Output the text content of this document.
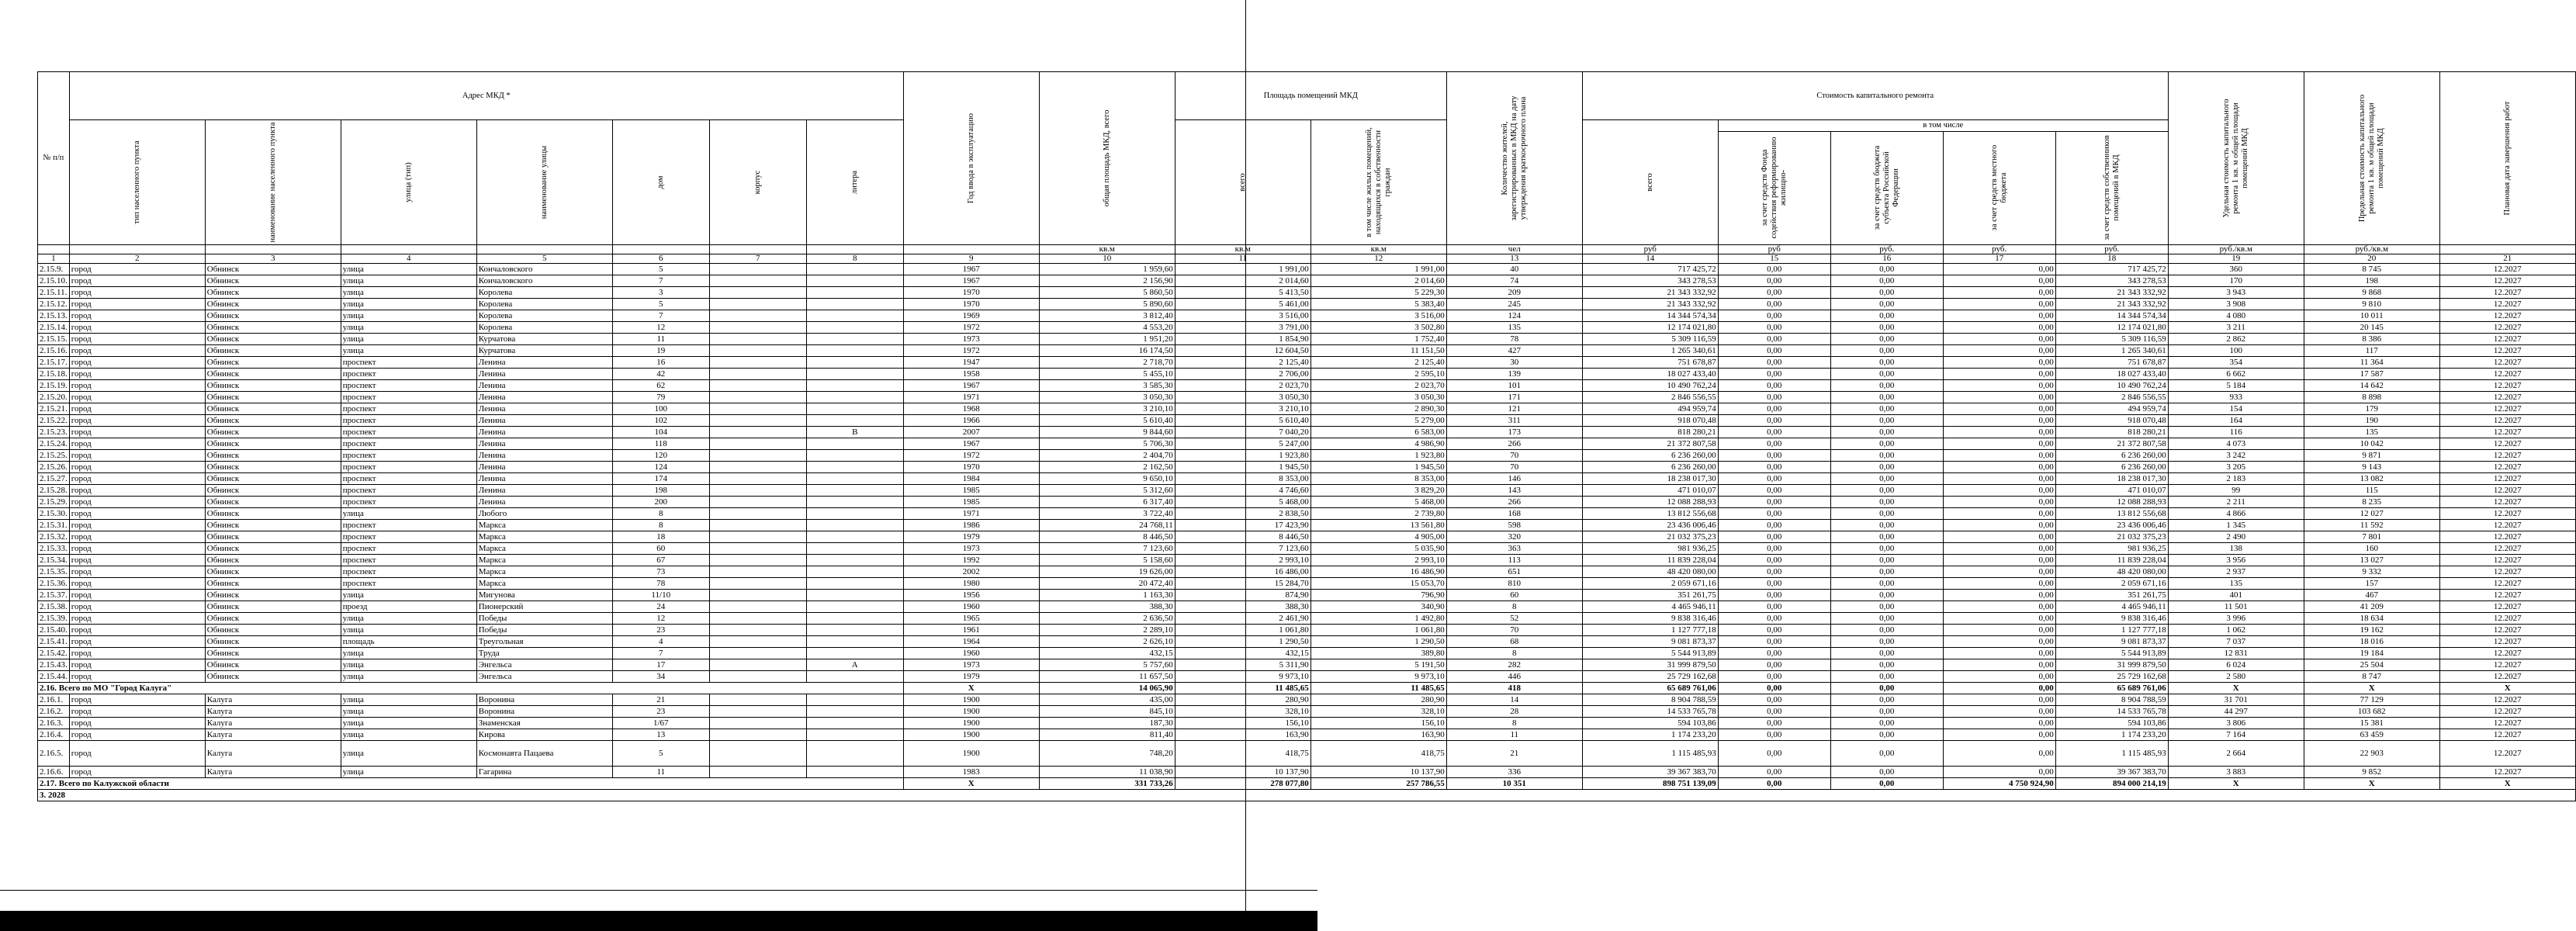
№ п/п	Адрес МКД *							Год ввода в эксплуатацию	общая площадь МКД, всего	Площадь помещений МКД		Количество жителей, зарегистрированных в МКД на дату утверждения краткосрочного плана	Стоимость капитального ремонта					Удельная стоимость капитального ремонта 1 кв. м общей площади помещений МКД	Предельная стоимость капитального ремонта 1 кв. м общей площади помещений МКД	Плановая дата завершения работ
	тип населенного пункта	наименование населенного пункта	улица (тип)	наименование улицы	дом	корпус	литера			всего	в том числе жилых помещений, находящихся в собственности граждан		всего	в том числе						
														за счет средств Фонда содействия реформированию жилищно-	за счет средств бюджета субъекта Российской Федерации	за счет средств местного бюджета	за счет средств собственников помещений в МКД			
									кв.м	кв.м	кв.м	чел	руб	руб	руб.	руб.	руб.	руб./кв.м	руб./кв.м	
1	2	3	4	5	6	7	8	9	10	11	12	13	14	15	16	17	18	19	20	21
2.15.9.	город	Обнинск	улица	Кончаловского	5			1967	1 959,60	1 991,00	1 991,00	40	717 425,72	0,00	0,00	0,00	717 425,72	360	8 745	12.2027
2.15.10.	город	Обнинск	улица	Кончаловского	7			1967	2 156,90	2 014,60	2 014,60	74	343 278,53	0,00	0,00	0,00	343 278,53	170	198	12.2027
2.15.11.	город	Обнинск	улица	Королева	3			1970	5 860,50	5 413,50	5 229,30	209	21 343 332,92	0,00	0,00	0,00	21 343 332,92	3 943	9 868	12.2027
2.15.12.	город	Обнинск	улица	Королева	5			1970	5 890,60	5 461,00	5 383,40	245	21 343 332,92	0,00	0,00	0,00	21 343 332,92	3 908	9 810	12.2027
2.15.13.	город	Обнинск	улица	Королева	7			1969	3 812,40	3 516,00	3 516,00	124	14 344 574,34	0,00	0,00	0,00	14 344 574,34	4 080	10 011	12.2027
2.15.14.	город	Обнинск	улица	Королева	12			1972	4 553,20	3 791,00	3 502,80	135	12 174 021,80	0,00	0,00	0,00	12 174 021,80	3 211	20 145	12.2027
2.15.15.	город	Обнинск	улица	Курчатова	11			1973	1 951,20	1 854,90	1 752,40	78	5 309 116,59	0,00	0,00	0,00	5 309 116,59	2 862	8 386	12.2027
2.15.16.	город	Обнинск	улица	Курчатова	19			1972	16 174,50	12 604,50	11 151,50	427	1 265 340,61	0,00	0,00	0,00	1 265 340,61	100	117	12.2027
2.15.17.	город	Обнинск	проспект	Ленина	16			1947	2 718,70	2 125,40	2 125,40	30	751 678,87	0,00	0,00	0,00	751 678,87	354	11 364	12.2027
2.15.18.	город	Обнинск	проспект	Ленина	42			1958	5 455,10	2 706,00	2 595,10	139	18 027 433,40	0,00	0,00	0,00	18 027 433,40	6 662	17 587	12.2027
2.15.19.	город	Обнинск	проспект	Ленина	62			1967	3 585,30	2 023,70	2 023,70	101	10 490 762,24	0,00	0,00	0,00	10 490 762,24	5 184	14 642	12.2027
2.15.20.	город	Обнинск	проспект	Ленина	79			1971	3 050,30	3 050,30	3 050,30	171	2 846 556,55	0,00	0,00	0,00	2 846 556,55	933	8 898	12.2027
2.15.21.	город	Обнинск	проспект	Ленина	100			1968	3 210,10	3 210,10	2 890,30	121	494 959,74	0,00	0,00	0,00	494 959,74	154	179	12.2027
2.15.22.	город	Обнинск	проспект	Ленина	102			1966	5 610,40	5 610,40	5 279,00	311	918 070,48	0,00	0,00	0,00	918 070,48	164	190	12.2027
2.15.23.	город	Обнинск	проспект	Ленина	104		В	2007	9 844,60	7 040,20	6 583,00	173	818 280,21	0,00	0,00	0,00	818 280,21	116	135	12.2027
2.15.24.	город	Обнинск	проспект	Ленина	118			1967	5 706,30	5 247,00	4 986,90	266	21 372 807,58	0,00	0,00	0,00	21 372 807,58	4 073	10 042	12.2027
2.15.25.	город	Обнинск	проспект	Ленина	120			1972	2 404,70	1 923,80	1 923,80	70	6 236 260,00	0,00	0,00	0,00	6 236 260,00	3 242	9 871	12.2027
2.15.26.	город	Обнинск	проспект	Ленина	124			1970	2 162,50	1 945,50	1 945,50	70	6 236 260,00	0,00	0,00	0,00	6 236 260,00	3 205	9 143	12.2027
2.15.27.	город	Обнинск	проспект	Ленина	174			1984	9 650,10	8 353,00	8 353,00	146	18 238 017,30	0,00	0,00	0,00	18 238 017,30	2 183	13 082	12.2027
2.15.28.	город	Обнинск	проспект	Ленина	198			1985	5 312,60	4 746,60	3 829,20	143	471 010,07	0,00	0,00	0,00	471 010,07	99	115	12.2027
2.15.29.	город	Обнинск	проспект	Ленина	200			1985	6 317,40	5 468,00	5 468,00	266	12 088 288,93	0,00	0,00	0,00	12 088 288,93	2 211	8 235	12.2027
2.15.30.	город	Обнинск	улица	Любого	8			1971	3 722,40	2 838,50	2 739,80	168	13 812 556,68	0,00	0,00	0,00	13 812 556,68	4 866	12 027	12.2027
2.15.31.	город	Обнинск	проспект	Маркса	8			1986	24 768,11	17 423,90	13 561,80	598	23 436 006,46	0,00	0,00	0,00	23 436 006,46	1 345	11 592	12.2027
2.15.32.	город	Обнинск	проспект	Маркса	18			1979	8 446,50	8 446,50	4 905,00	320	21 032 375,23	0,00	0,00	0,00	21 032 375,23	2 490	7 801	12.2027
2.15.33.	город	Обнинск	проспект	Маркса	60			1973	7 123,60	7 123,60	5 035,90	363	981 936,25	0,00	0,00	0,00	981 936,25	138	160	12.2027
2.15.34.	город	Обнинск	проспект	Маркса	67			1992	5 158,60	2 993,10	2 993,10	113	11 839 228,04	0,00	0,00	0,00	11 839 228,04	3 956	13 027	12.2027
2.15.35.	город	Обнинск	проспект	Маркса	73			2002	19 626,00	16 486,00	16 486,90	651	48 420 080,00	0,00	0,00	0,00	48 420 080,00	2 937	9 332	12.2027
2.15.36.	город	Обнинск	проспект	Маркса	78			1980	20 472,40	15 284,70	15 053,70	810	2 059 671,16	0,00	0,00	0,00	2 059 671,16	135	157	12.2027
2.15.37.	город	Обнинск	улица	Мигунова	11/10			1956	1 163,30	874,90	796,90	60	351 261,75	0,00	0,00	0,00	351 261,75	401	467	12.2027
2.15.38.	город	Обнинск	проезд	Пионерский	24			1960	388,30	388,30	340,90	8	4 465 946,11	0,00	0,00	0,00	4 465 946,11	11 501	41 209	12.2027
2.15.39.	город	Обнинск	улица	Победы	12			1965	2 636,50	2 461,90	1 492,80	52	9 838 316,46	0,00	0,00	0,00	9 838 316,46	3 996	18 634	12.2027
2.15.40.	город	Обнинск	улица	Победы	23			1961	2 289,10	1 061,80	1 061,80	70	1 127 777,18	0,00	0,00	0,00	1 127 777,18	1 062	19 162	12.2027
2.15.41.	город	Обнинск	площадь	Треугольная	4			1964	2 626,10	1 290,50	1 290,50	68	9 081 873,37	0,00	0,00	0,00	9 081 873,37	7 037	18 016	12.2027
2.15.42.	город	Обнинск	улица	Труда	7			1960	432,15	432,15	389,80	8	5 544 913,89	0,00	0,00	0,00	5 544 913,89	12 831	19 184	12.2027
2.15.43.	город	Обнинск	улица	Энгельса	17		А	1973	5 757,60	5 311,90	5 191,50	282	31 999 879,50	0,00	0,00	0,00	31 999 879,50	6 024	25 504	12.2027
2.15.44.	город	Обнинск	улица	Энгельса	34			1979	11 657,50	9 973,10	9 973,10	446	25 729 162,68	0,00	0,00	0,00	25 729 162,68	2 580	8 747	12.2027
2.16. Всего по МО "Город Калуга"								X	14 065,90	11 485,65	11 485,65	418	65 689 761,06	0,00	0,00	0,00	65 689 761,06	X	X	X
2.16.1.	город	Калуга	улица	Воронина	21			1900	435,00	280,90	280,90	14	8 904 788,59	0,00	0,00	0,00	8 904 788,59	31 701	77 129	12.2027
2.16.2.	город	Калуга	улица	Воронина	23			1900	845,10	328,10	328,10	28	14 533 765,78	0,00	0,00	0,00	14 533 765,78	44 297	103 682	12.2027
2.16.3.	город	Калуга	улица	Знаменская	1/67			1900	187,30	156,10	156,10	8	594 103,86	0,00	0,00	0,00	594 103,86	3 806	15 381	12.2027
2.16.4.	город	Калуга	улица	Кирова	13			1900	811,40	163,90	163,90	11	1 174 233,20	0,00	0,00	0,00	1 174 233,20	7 164	63 459	12.2027
2.16.5.	город	Калуга	улица	Космонавта Пацаева	5			1900	748,20	418,75	418,75	21	1 115 485,93	0,00	0,00	0,00	1 115 485,93	2 664	22 903	12.2027
2.16.6.	город	Калуга	улица	Гагарина	11			1983	11 038,90	10 137,90	10 137,90	336	39 367 383,70	0,00	0,00	0,00	39 367 383,70	3 883	9 852	12.2027
2.17. Всего по Калужской области								X	331 733,26	278 077,80	257 786,55	10 351	898 751 139,09	0,00	0,00	4 750 924,90	894 000 214,19	X	X	X
3. 2028																				
